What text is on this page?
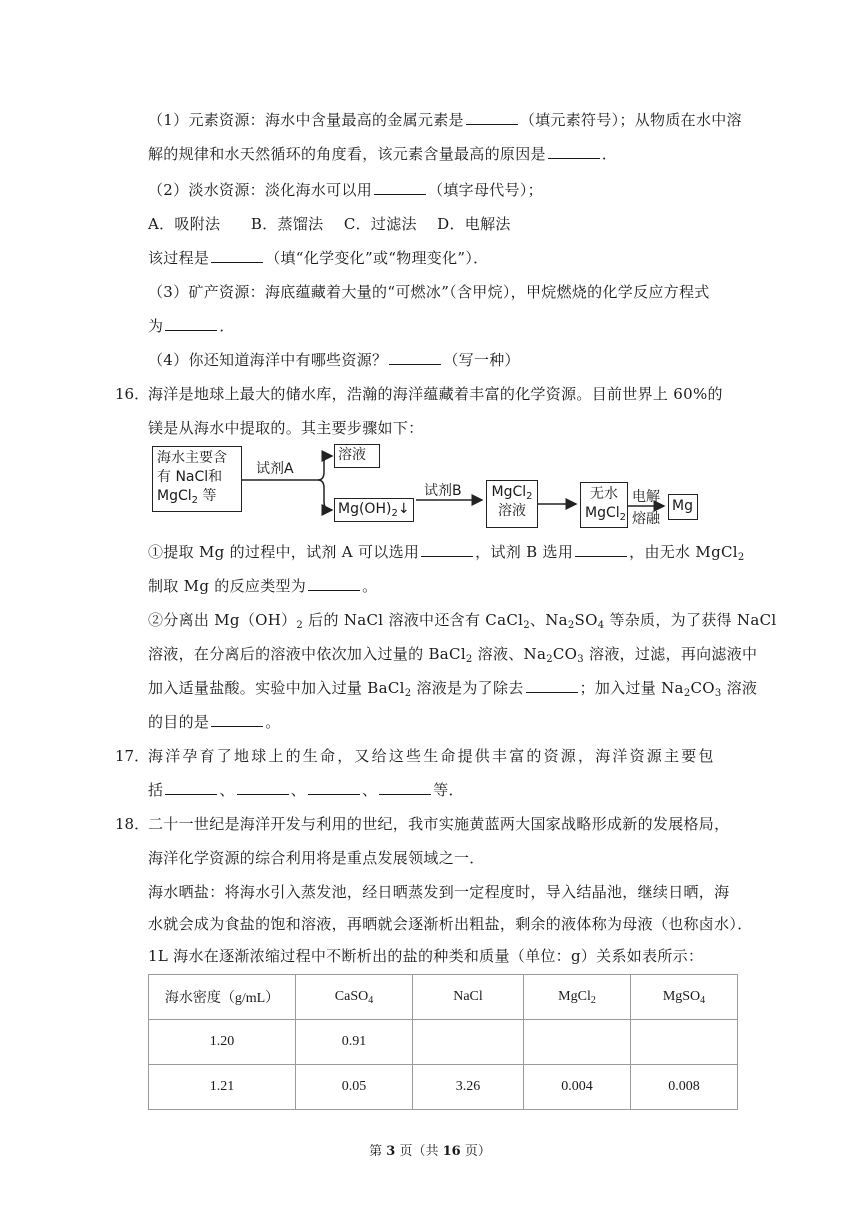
（1）元素资源：海水中含量最高的金属元素是	（填元素符号）；从物质在水中溶
解的规律和水天然循环的角度看，该元素含量最高的原因是	．
（2）淡水资源：淡化海水可以用	（填字母代号）；
A．吸附法　　B．蒸馏法　 C．过滤法　 D．电解法
该过程是	（填“化学变化”或“物理变化”）．
（3）矿产资源：海底蕴藏着大量的“可燃冰”（含甲烷），甲烷燃烧的化学反应方程式
为	．
（4）你还知道海洋中有哪些资源？	（写一种）
16．
海洋是地球上最大的储水库，浩瀚的海洋蕴藏着丰富的化学资源。目前世界上 60%的
镁是从海水中提取的。其主要步骤如下：
海水主要含
有 NaCl和
MgCl$_2$ 等
试剂A
溶液
$Mg(OH)_2↓$
试剂B MgCl$_2$
溶液
无水
MgCl$_2$
电解
熔融
Mg
①提取 Mg 的过程中，试剂 A 可以选用	，试剂 B 选用	，由无水 MgCl$_2$
制取 Mg 的反应类型为	。
②分离出 $Mg(OH)_2$ 后的 NaCl 溶液中还含有 CaCl$_2$、$Na_2SO_4$ 等杂质，为了获得 NaCl
溶液，在分离后的溶液中依次加入过量的 BaCl$_2$ 溶液、$Na_2CO_3$ 溶液，过滤，再向滤液中
加入适量盐酸。实验中加入过量 BaCl$_2$ 溶液是为了除去	；加入过量 $Na_2CO_3$ 溶液
的目的是	。
17．
海洋孕育了地球上的生命，又给这些生命提供丰富的资源，海洋资源主要包
括	、	、	、	等．
18．
二十一世纪是海洋开发与利用的世纪，我市实施黄蓝两大国家战略形成新的发展格局，
海洋化学资源的综合利用将是重点发展领域之一．
海水晒盐：将海水引入蒸发池，经日晒蒸发到一定程度时，导入结晶池，继续日晒，海
水就会成为食盐的饱和溶液，再晒就会逐渐析出粗盐，剩余的液体称为母液（也称卤水）．
1L 海水在逐渐浓缩过程中不断析出的盐的种类和质量（单位：g）关系如表所示：
海水密度（g/mL）	CaSO$_4$	NaCl	MgCl$_2$	MgSO$_4$
1.20	0.91			
1.21	0.05	3.26	0.004	0.008
第 3 页（共 16 页）
